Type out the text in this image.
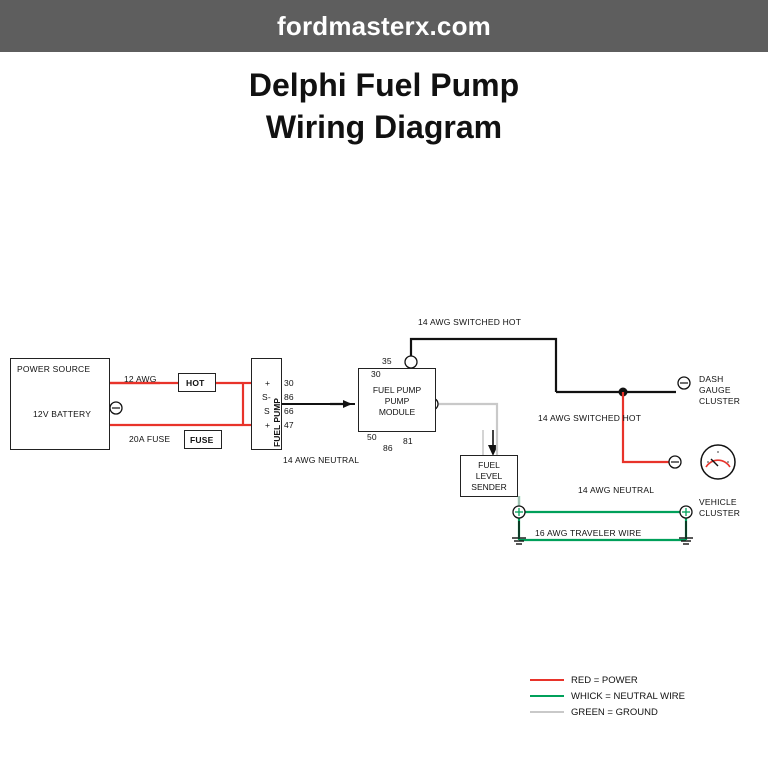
fordmasterx.com
Delphi Fuel Pump
Wiring Diagram
POWER SOURCE
12V BATTERY
HOT
FUSE	FUEL PUMP
+
S-
S
+
30
86
66
47
FUEL PUMP
PUMP
MODULE
35
30
50
86
81
FUEL
LEVEL
SENDER
DASH
GAUGE
CLUSTER
VEHICLE
CLUSTER
12 AWG
20A FUSE
14 AWG SWITCHED HOT
14 AWG NEUTRAL
14 AWG SWITCHED HOT
14 AWG NEUTRAL
16 AWG TRAVELER WIRE
RED = POWER
WHICK = NEUTRAL WIRE
GREEN = GROUND
